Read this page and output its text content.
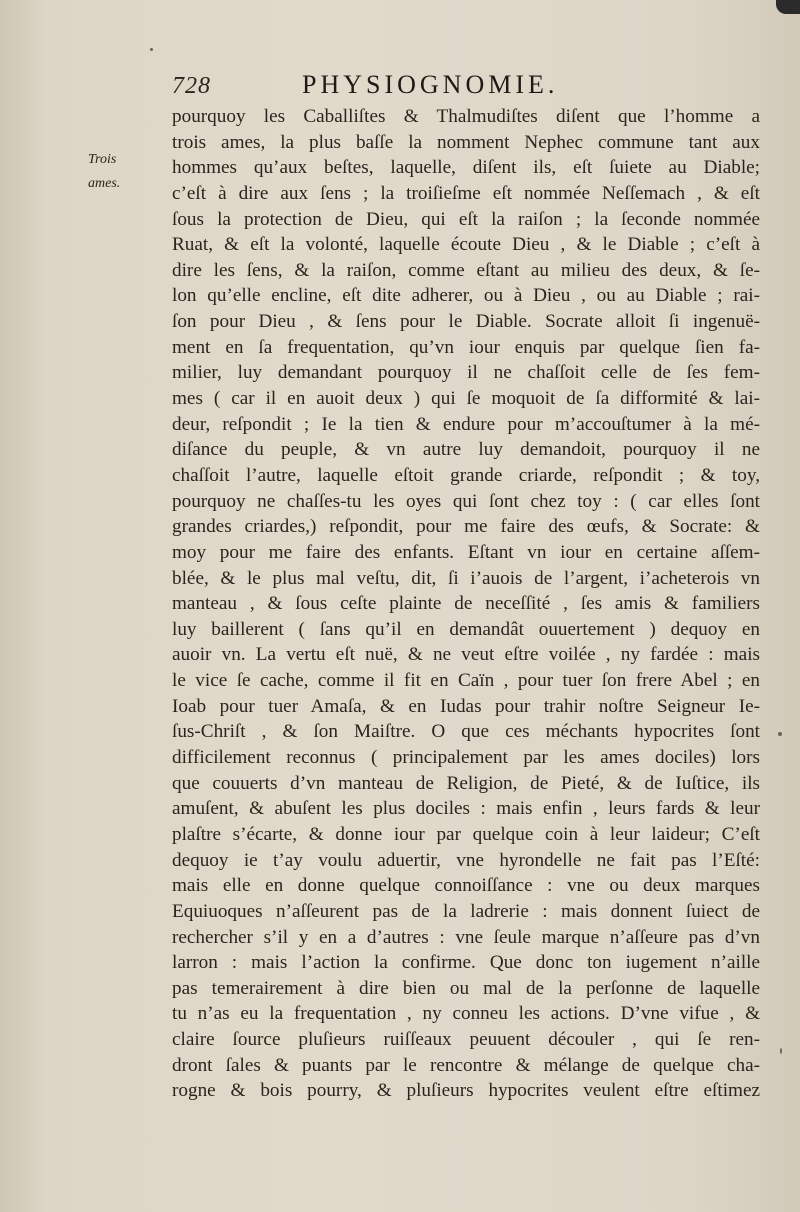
728	PHYSIOGNOMIE.
Trois
ames.
pourquoy les Caballiſtes & Thalmudiſtes diſent que l’homme a
trois ames, la plus baſſe la nomment Nephec commune tant aux
hommes qu’aux beſtes, laquelle, diſent ils, eſt ſuiete au Diable;
c’eſt à dire aux ſens ; la troiſieſme eſt nommée Neſſemach , & eſt
ſous la protection de Dieu, qui eſt la raiſon ; la ſeconde nommée
Ruat, & eſt la volonté, laquelle écoute Dieu , & le Diable ; c’eſt à
dire les ſens, & la raiſon, comme eſtant au milieu des deux, & ſe-
lon qu’elle encline, eſt dite adherer, ou à Dieu , ou au Diable ; rai-
ſon pour Dieu , & ſens pour le Diable. Socrate alloit ſi ingenuë-
ment en ſa frequentation, qu’vn iour enquis par quelque ſien fa-
milier, luy demandant pourquoy il ne chaſſoit celle de ſes fem-
mes ( car il en auoit deux ) qui ſe moquoit de ſa difformité & lai-
deur, reſpondit ; Ie la tien & endure pour m’accouſtumer à la mé-
diſance du peuple, & vn autre luy demandoit, pourquoy il ne
chaſſoit l’autre, laquelle eſtoit grande criarde, reſpondit ; & toy,
pourquoy ne chaſſes-tu les oyes qui ſont chez toy : ( car elles ſont
grandes criardes,) reſpondit, pour me faire des œufs, & Socrate: &
moy pour me faire des enfants. Eſtant vn iour en certaine aſſem-
blée, & le plus mal veſtu, dit, ſi i’auois de l’argent, i’acheterois vn
manteau , & ſous ceſte plainte de neceſſité , ſes amis & familiers
luy baillerent ( ſans qu’il en demandât ouuertement ) dequoy en
auoir vn. La vertu eſt nuë, & ne veut eſtre voilée , ny fardée : mais
le vice ſe cache, comme il fit en Caïn , pour tuer ſon frere Abel ; en
Ioab pour tuer Amaſa, & en Iudas pour trahir noſtre Seigneur Ie-
ſus-Chriſt , & ſon Maiſtre. O que ces méchants hypocrites ſont
difficilement reconnus ( principalement par les ames dociles) lors
que couuerts d’vn manteau de Religion, de Pieté, & de Iuſtice, ils
amuſent, & abuſent les plus dociles : mais enfin , leurs fards & leur
plaſtre s’écarte, & donne iour par quelque coin à leur laideur; C’eſt
dequoy ie t’ay voulu aduertir, vne hyrondelle ne fait pas l’Eſté:
mais elle en donne quelque connoiſſance : vne ou deux marques
Equiuoques n’aſſeurent pas de la ladrerie : mais donnent ſuiect de
rechercher s’il y en a d’autres : vne ſeule marque n’aſſeure pas d’vn
larron : mais l’action la confirme. Que donc ton iugement n’aille
pas temerairement à dire bien ou mal de la perſonne de laquelle
tu n’as eu la frequentation , ny conneu les actions. D’vne vifue , &
claire ſource pluſieurs ruiſſeaux peuuent découler , qui ſe ren-
dront ſales & puants par le rencontre & mélange de quelque cha-
rogne & bois pourry, & pluſieurs hypocrites veulent eſtre eſtimez
